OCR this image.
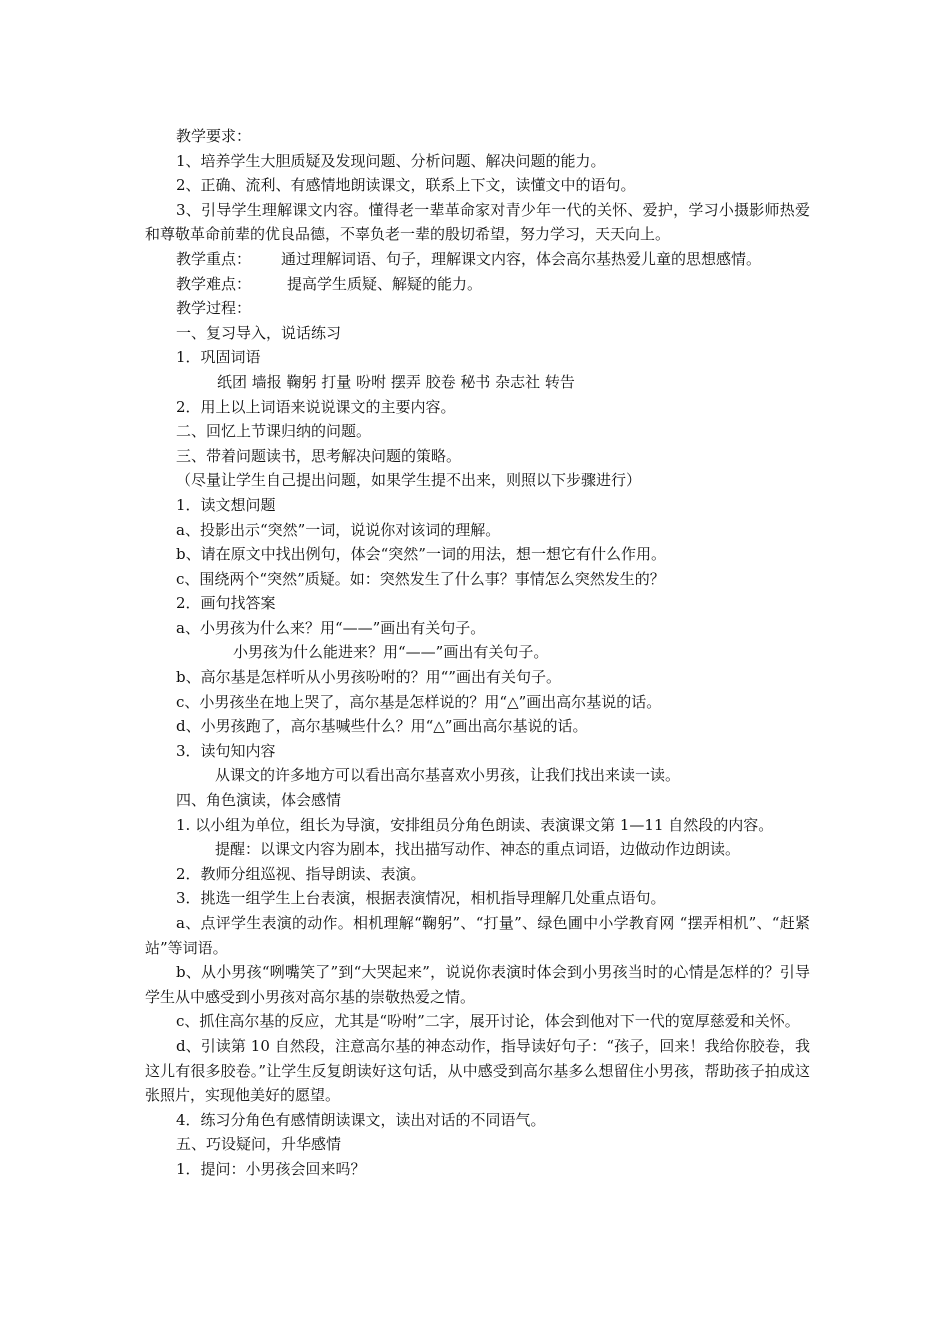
教学要求：

1、培养学生大胆质疑及发现问题、分析问题、解决问题的能力。

2、正确、流利、有感情地朗读课文，联系上下文，读懂文中的语句。

3、引导学生理解课文内容。懂得老一辈革命家对青少年一代的关怀、爱护，学习小摄影师热爱和尊敬革命前辈的优良品德，不辜负老一辈的殷切希望，努力学习，天天向上。

教学重点： 通过理解词语、句子，理解课文内容，体会高尔基热爱儿童的思想感情。

教学难点： 提高学生质疑、解疑的能力。

教学过程：

一、复习导入，说话练习

1．巩固词语

纸团 墙报 鞠躬 打量 吩咐 摆弄 胶卷 秘书 杂志社 转告

2．用上以上词语来说说课文的主要内容。

二、回忆上节课归纳的问题。

三、带着问题读书，思考解决问题的策略。

（尽量让学生自己提出问题，如果学生提不出来，则照以下步骤进行）

1．读文想问题

a、投影出示“突然”一词，说说你对该词的理解。

b、请在原文中找出例句，体会“突然”一词的用法，想一想它有什么作用。

c、围绕两个“突然”质疑。如：突然发生了什么事？事情怎么突然发生的？

2．画句找答案

a、小男孩为什么来？用“——”画出有关句子。

小男孩为什么能进来？用“——”画出有关句子。

b、高尔基是怎样听从小男孩吩咐的？用“”画出有关句子。

c、小男孩坐在地上哭了，高尔基是怎样说的？用“△”画出高尔基说的话。

d、小男孩跑了，高尔基喊些什么？用“△”画出高尔基说的话。

3．读句知内容

从课文的许多地方可以看出高尔基喜欢小男孩，让我们找出来读一读。

四、角色演读，体会感情

1. 以小组为单位，组长为导演，安排组员分角色朗读、表演课文第 1—11 自然段的内容。

提醒：以课文内容为剧本，找出描写动作、神态的重点词语，边做动作边朗读。

2．教师分组巡视、指导朗读、表演。

3．挑选一组学生上台表演，根据表演情况，相机指导理解几处重点语句。

a、点评学生表演的动作。相机理解“鞠躬”、“打量”、绿色圃中小学教育网 “摆弄相机”、“赶紧站”等词语。

b、从小男孩“咧嘴笑了”到“大哭起来”，说说你表演时体会到小男孩当时的心情是怎样的？引导学生从中感受到小男孩对高尔基的崇敬热爱之情。

c、抓住高尔基的反应，尤其是“吩咐”二字，展开讨论，体会到他对下一代的宽厚慈爱和关怀。

d、引读第 10 自然段，注意高尔基的神态动作，指导读好句子：“孩子，回来！我给你胶卷，我这儿有很多胶卷。”让学生反复朗读好这句话，从中感受到高尔基多么想留住小男孩，帮助孩子拍成这张照片，实现他美好的愿望。

4．练习分角色有感情朗读课文，读出对话的不同语气。

五、巧设疑问，升华感情

1．提问：小男孩会回来吗？
